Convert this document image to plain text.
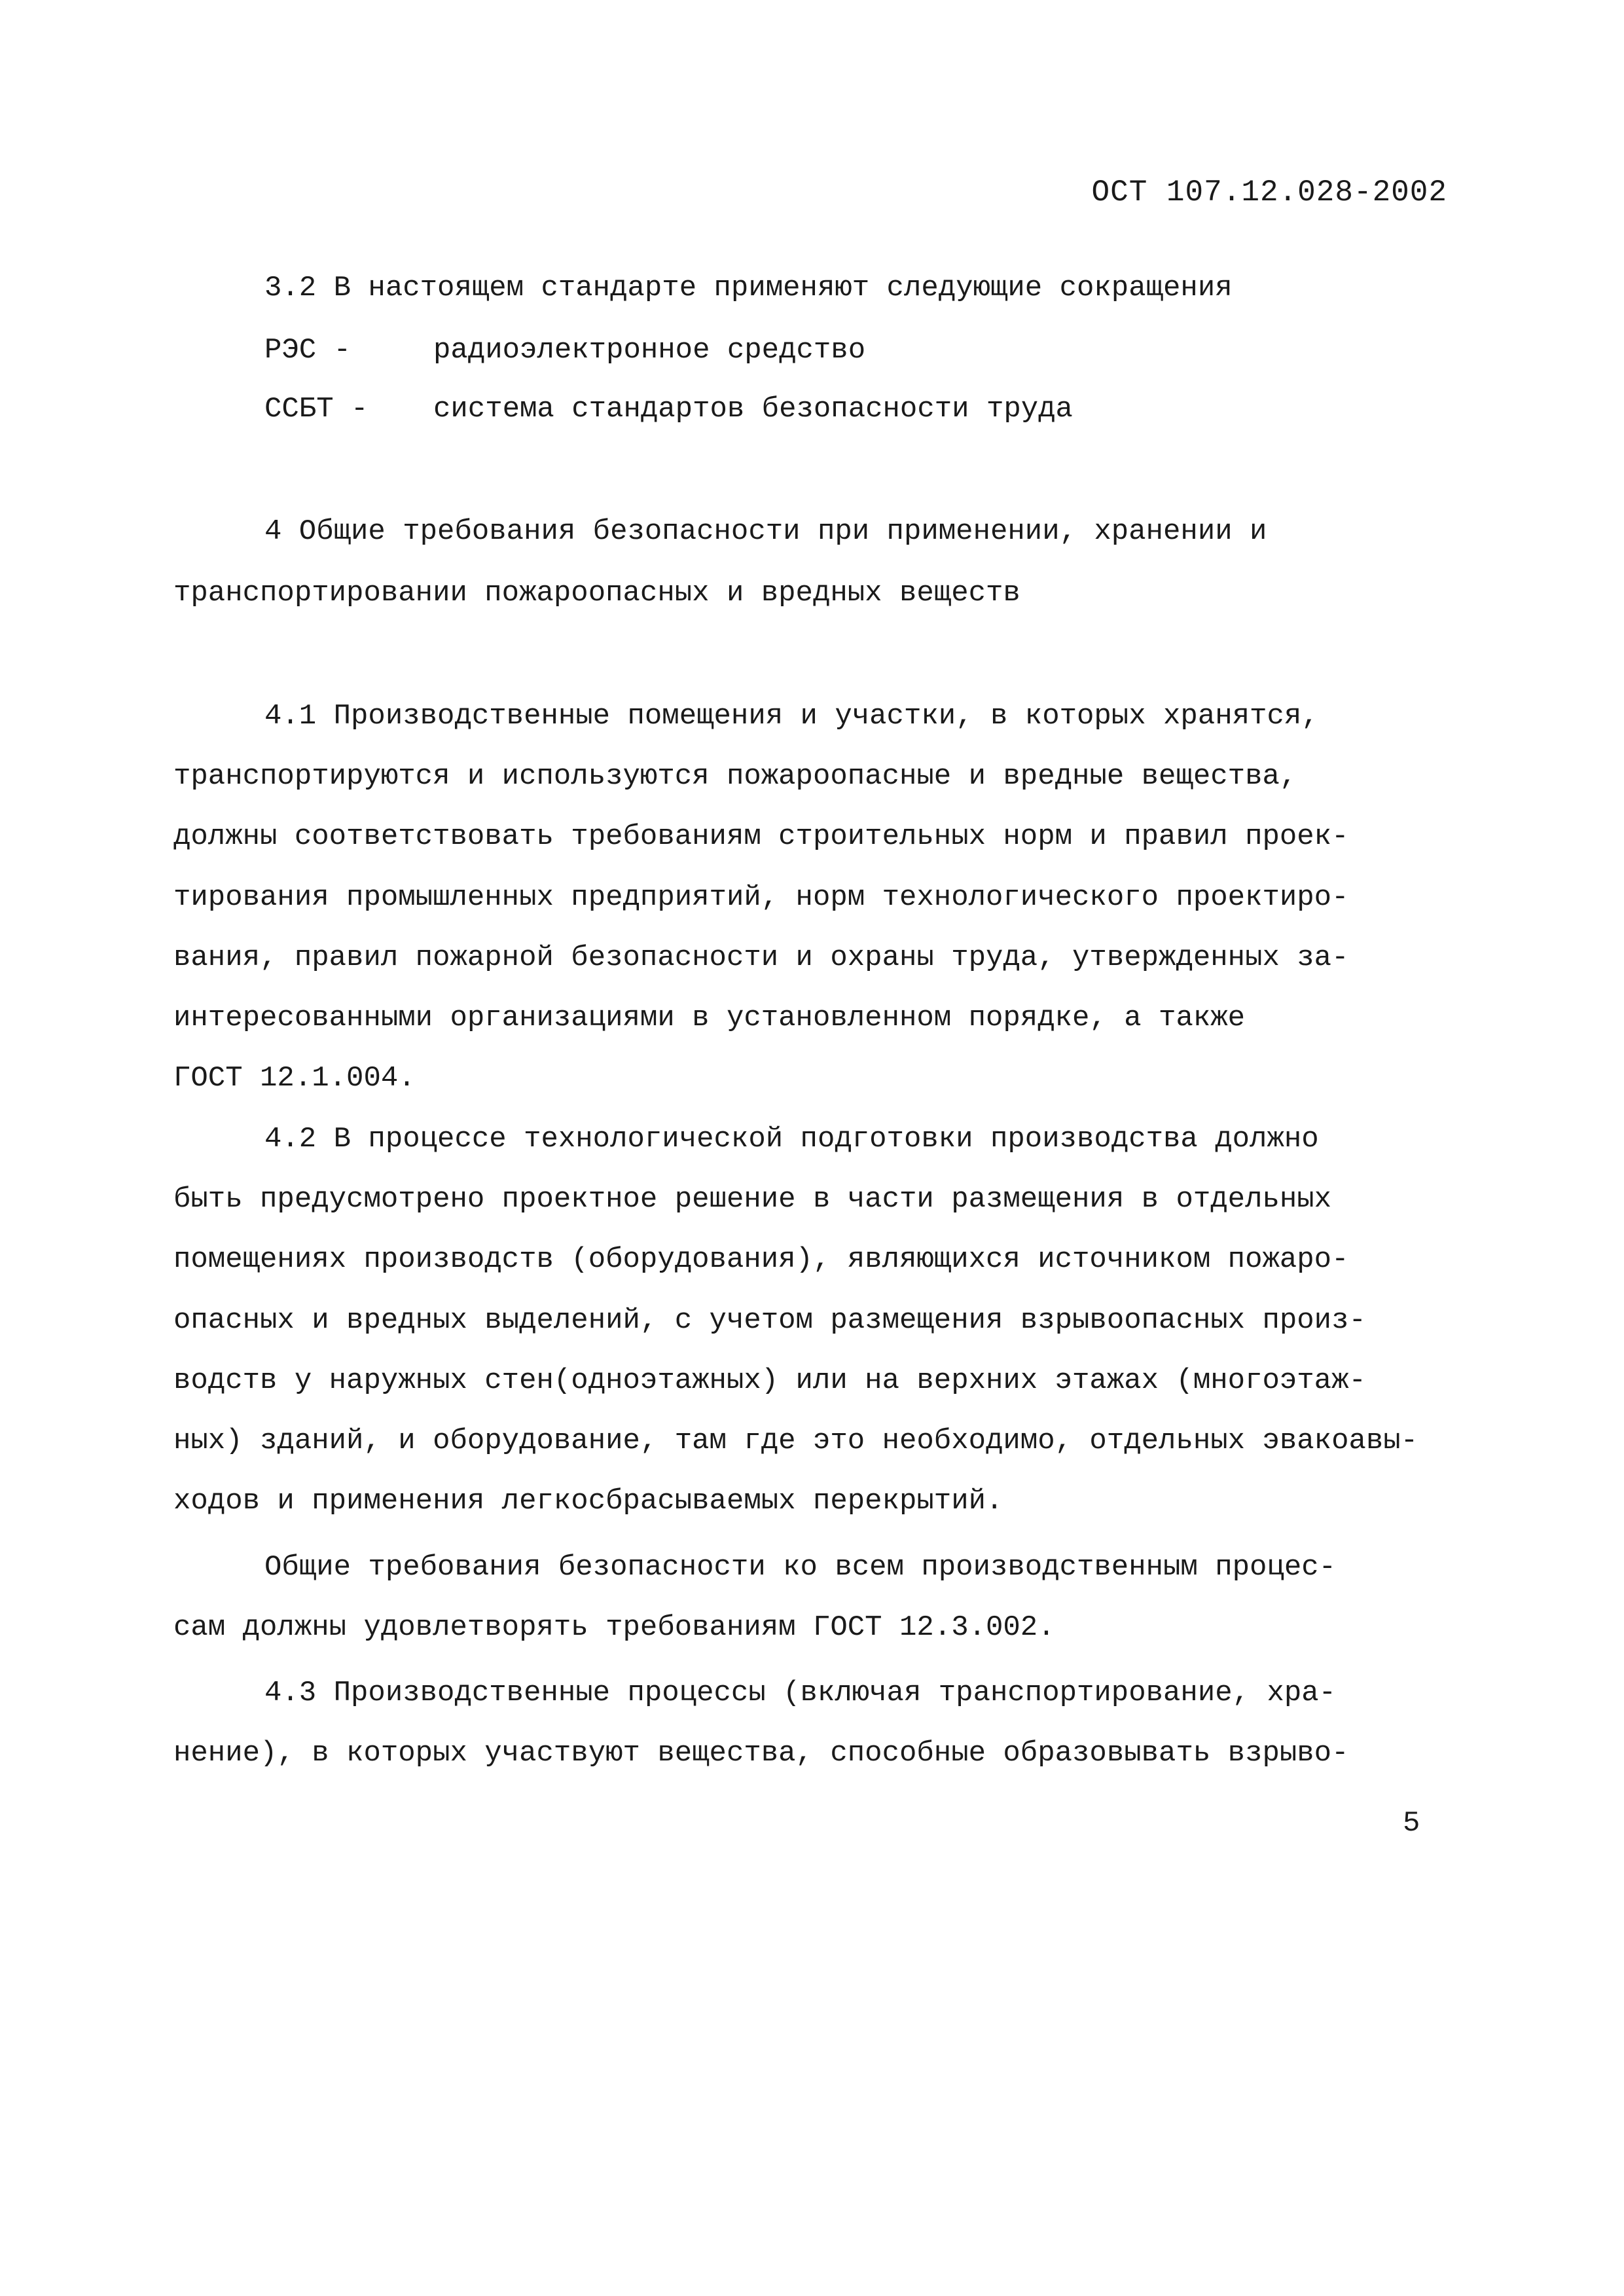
ОСТ 107.12.028-2002
3.2 В настоящем стандарте применяют следующие сокращения
РЭС -	радиоэлектронное средство
ССБТ - система стандартов безопасности труда
4 Общие требования безопасности при применении, хранении и
транспортировании пожароопасных и вредных веществ
4.1 Производственные помещения и участки, в которых хранятся,
транспортируются и используются пожароопасные и вредные вещества,
должны соответствовать требованиям строительных норм и правил проек-
тирования промышленных предприятий, норм технологического проектиро-
вания, правил пожарной безопасности и охраны труда, утвержденных за-
интересованными организациями в установленном порядке, а также
ГОСТ 12.1.004.
4.2 В процессе технологической подготовки производства должно
быть предусмотрено проектное решение в части размещения в отдельных
помещениях производств (оборудования), являющихся источником пожаро-
опасных и вредных выделений, с учетом размещения взрывоопасных произ-
водств у наружных стен(одноэтажных) или на верхних этажах (многоэтаж-
ных) зданий, и оборудование, там где это необходимо, отдельных эвакоaвы-
ходов и применения легкосбрасываемых перекрытий.
Общие требования безопасности ко всем производственным процес-
сам должны удовлетворять требованиям ГОСТ 12.3.002.
4.3 Производственные процессы (включая транспортирование, хра-
нение), в которых участвуют вещества, способные образовывать взрыво-
5
